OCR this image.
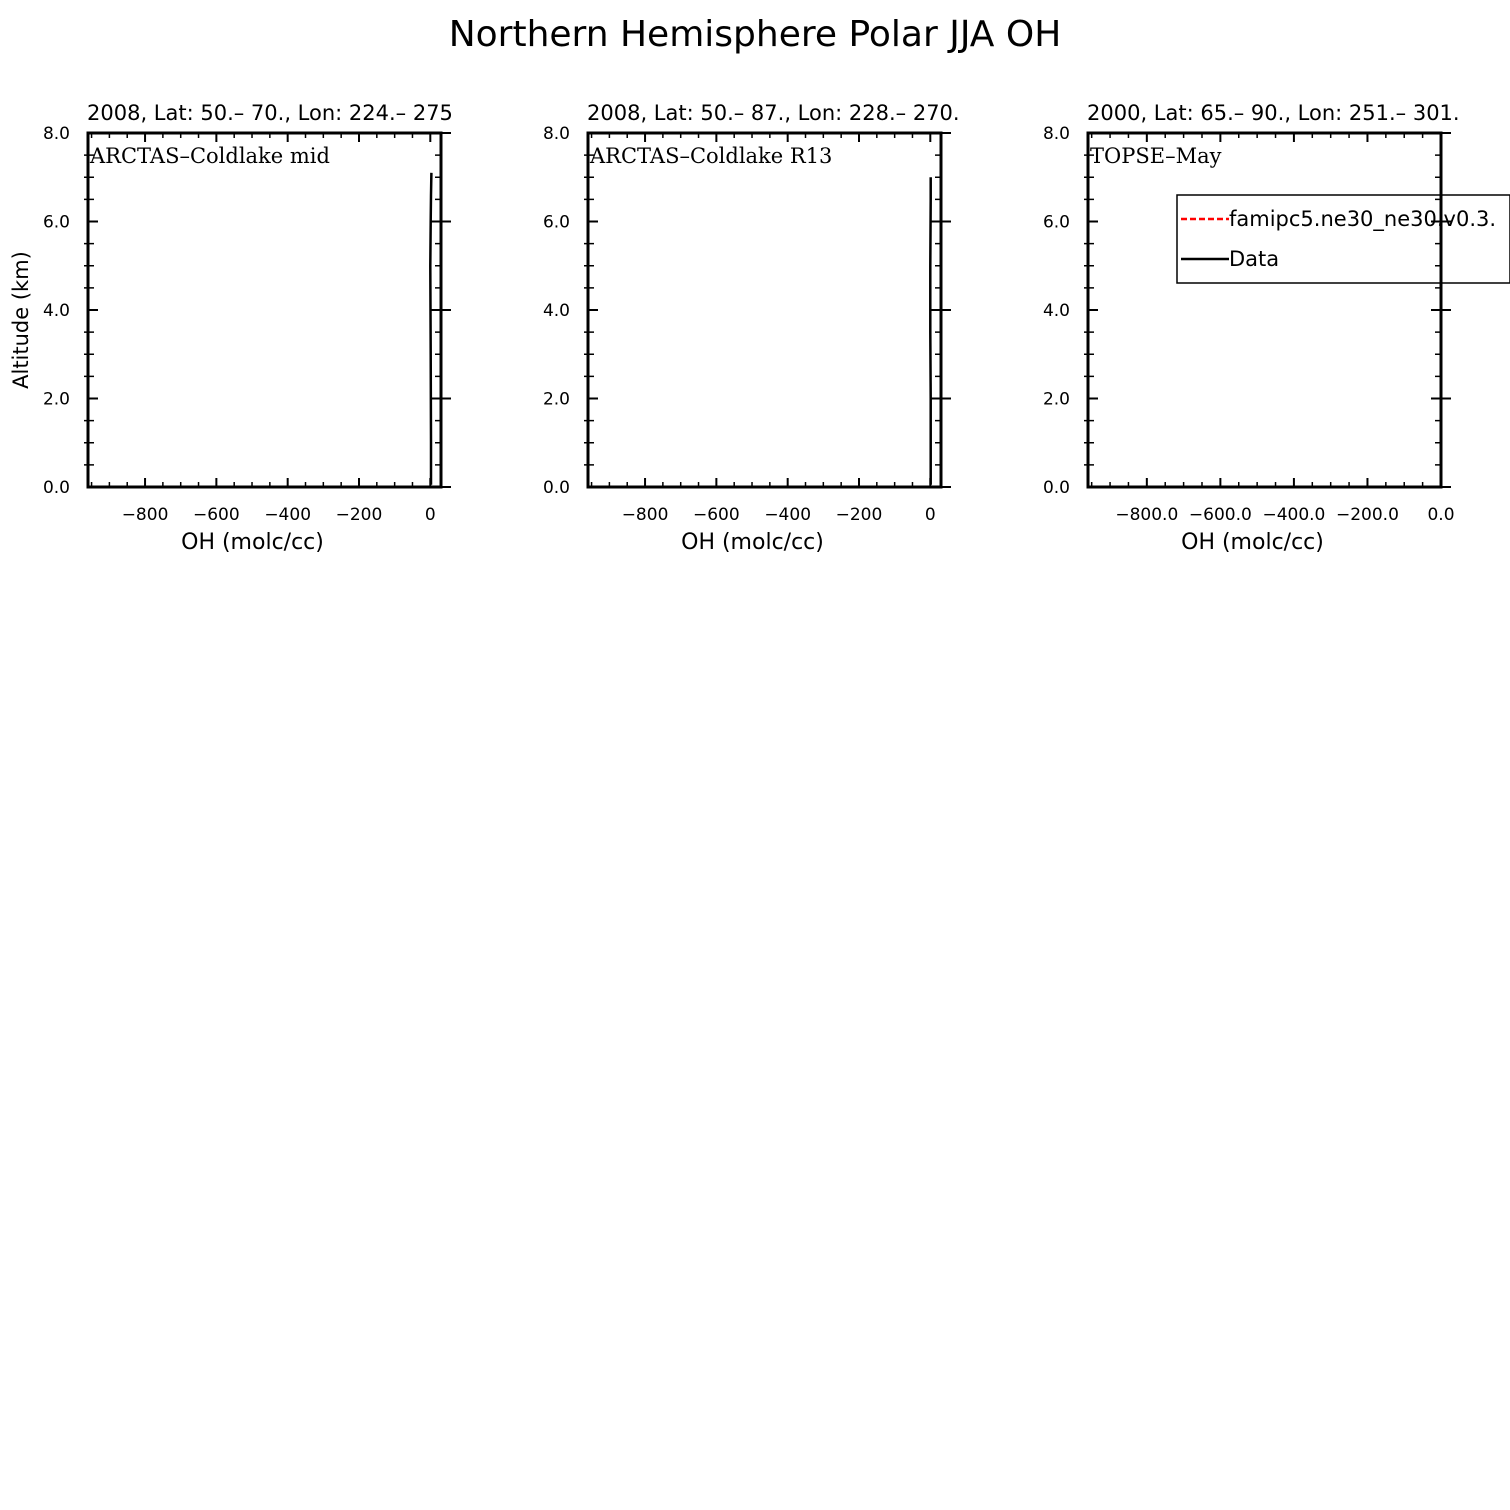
Northern Hemisphere Polar JJA OH
2008, Lat: 50.– 70., Lon: 224.– 275
−800 −600 −400 −200	0
0.0
2.0
4.0
6.0
8.0
OH (molc/cc)
Altitude (km)
ARCTAS–Coldlake mid
2008, Lat: 50.– 87., Lon: 228.– 270.
−800 −600 −400 −200	0
0.0
2.0
4.0
6.0
8.0
OH (molc/cc)
ARCTAS–Coldlake R13
2000, Lat: 65.– 90., Lon: 251.– 301.
−800.0 −600.0 −400.0 −200.0 0.0
0.0
2.0
4.0
6.0
8.0
OH (molc/cc)
TOPSE–May
famipc5.ne30_ne30.v0.3.
Data
